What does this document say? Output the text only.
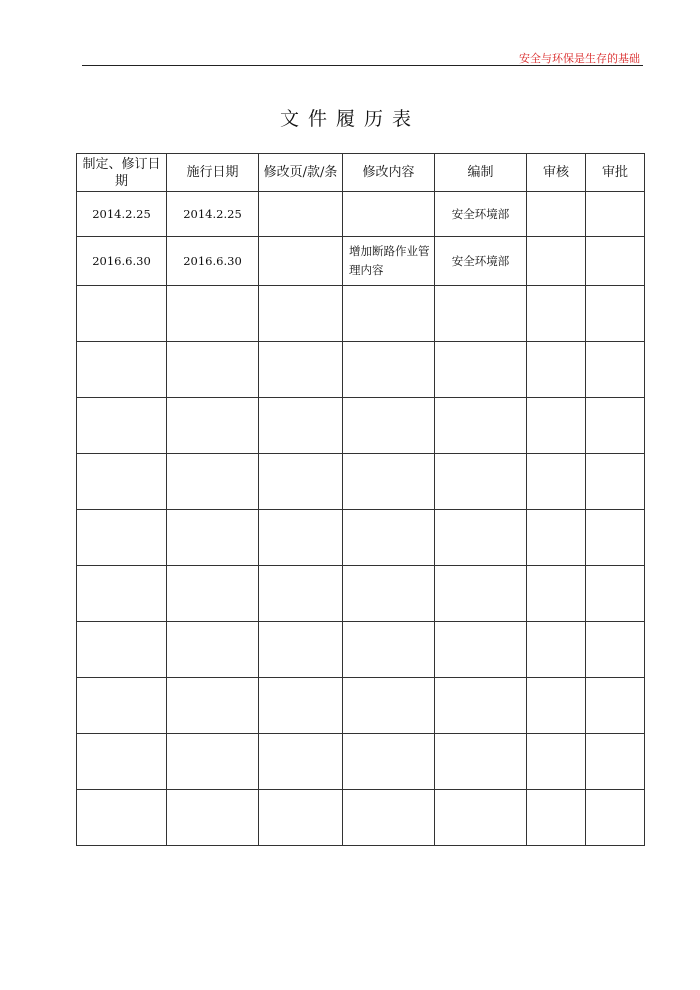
安全与环保是生存的基础
文件履历表
制定、修订日期	施行日期	修改页/款/条	修改内容	编制	审核	审批
2014.2.25	2014.2.25			安全环境部		
2016.6.30	2016.6.30		增加断路作业管理内容	安全环境部		
